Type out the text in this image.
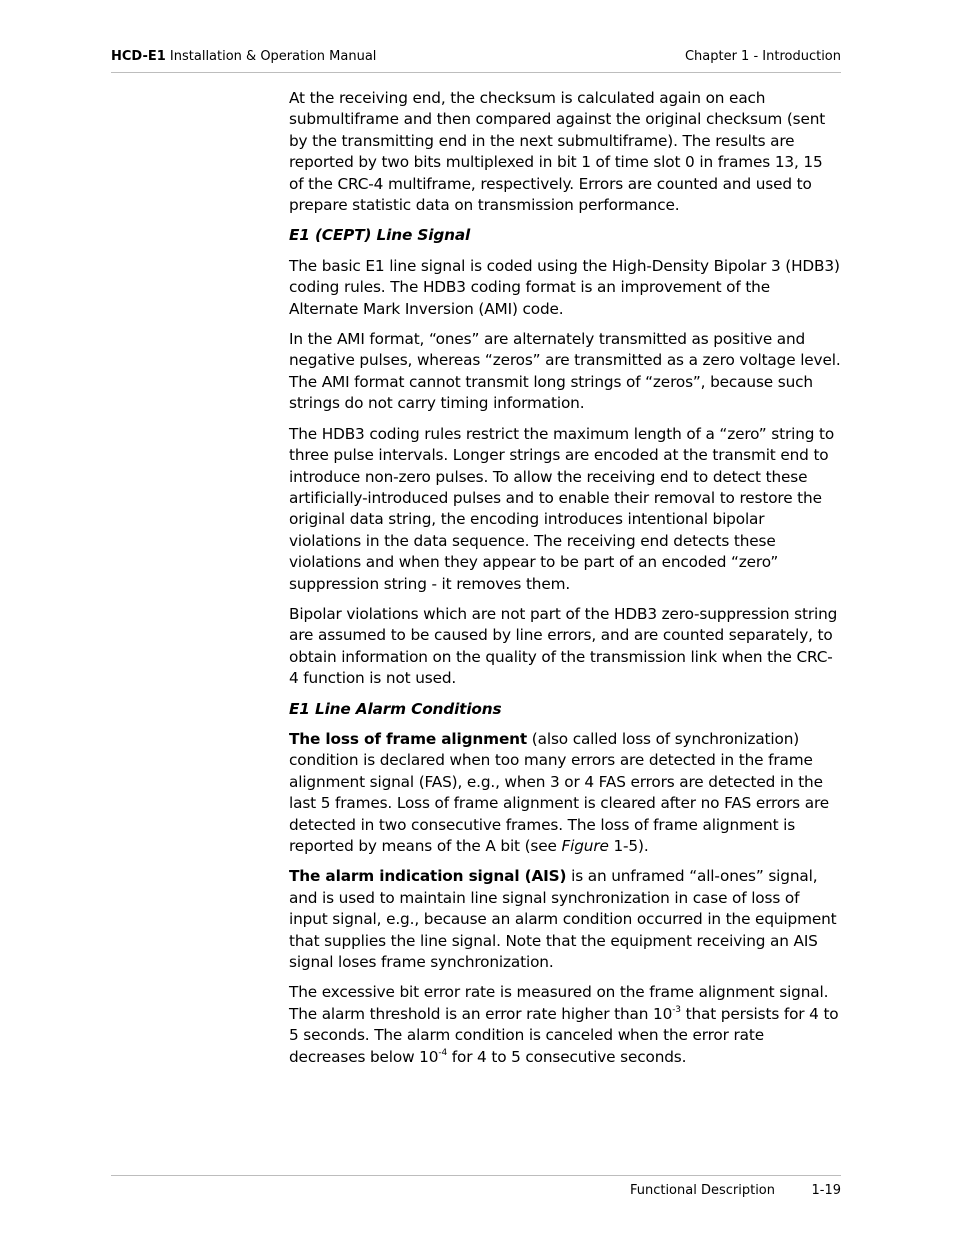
HCD-E1 Installation & Operation Manual	Chapter 1 - Introduction

At the receiving end, the checksum is calculated again on each submultiframe and then compared against the original checksum (sent by the transmitting end in the next submultiframe). The results are reported by two bits multiplexed in bit 1 of time slot 0 in frames 13, 15 of the CRC-4 multiframe, respectively. Errors are counted and used to prepare statistic data on transmission performance.

E1 (CEPT) Line Signal

The basic E1 line signal is coded using the High-Density Bipolar 3 (HDB3) coding rules. The HDB3 coding format is an improvement of the Alternate Mark Inversion (AMI) code.

In the AMI format, “ones” are alternately transmitted as positive and negative pulses, whereas “zeros” are transmitted as a zero voltage level. The AMI format cannot transmit long strings of “zeros”, because such strings do not carry timing information.

The HDB3 coding rules restrict the maximum length of a “zero” string to three pulse intervals. Longer strings are encoded at the transmit end to introduce non-zero pulses. To allow the receiving end to detect these artificially-introduced pulses and to enable their removal to restore the original data string, the encoding introduces intentional bipolar violations in the data sequence. The receiving end detects these violations and when they appear to be part of an encoded “zero” suppression string - it removes them.

Bipolar violations which are not part of the HDB3 zero-suppression string are assumed to be caused by line errors, and are counted separately, to obtain information on the quality of the transmission link when the CRC-4 function is not used.

E1 Line Alarm Conditions

The loss of frame alignment (also called loss of synchronization) condition is declared when too many errors are detected in the frame alignment signal (FAS), e.g., when 3 or 4 FAS errors are detected in the last 5 frames. Loss of frame alignment is cleared after no FAS errors are detected in two consecutive frames. The loss of frame alignment is reported by means of the A bit (see Figure 1-5).

The alarm indication signal (AIS) is an unframed “all-ones” signal, and is used to maintain line signal synchronization in case of loss of input signal, e.g., because an alarm condition occurred in the equipment that supplies the line signal. Note that the equipment receiving an AIS signal loses frame synchronization.

The excessive bit error rate is measured on the frame alignment signal. The alarm threshold is an error rate higher than $10^{-3}$ that persists for 4 to 5 seconds. The alarm condition is canceled when the error rate decreases below $10^{-4}$ for 4 to 5 consecutive seconds.

Functional Description	1-19
